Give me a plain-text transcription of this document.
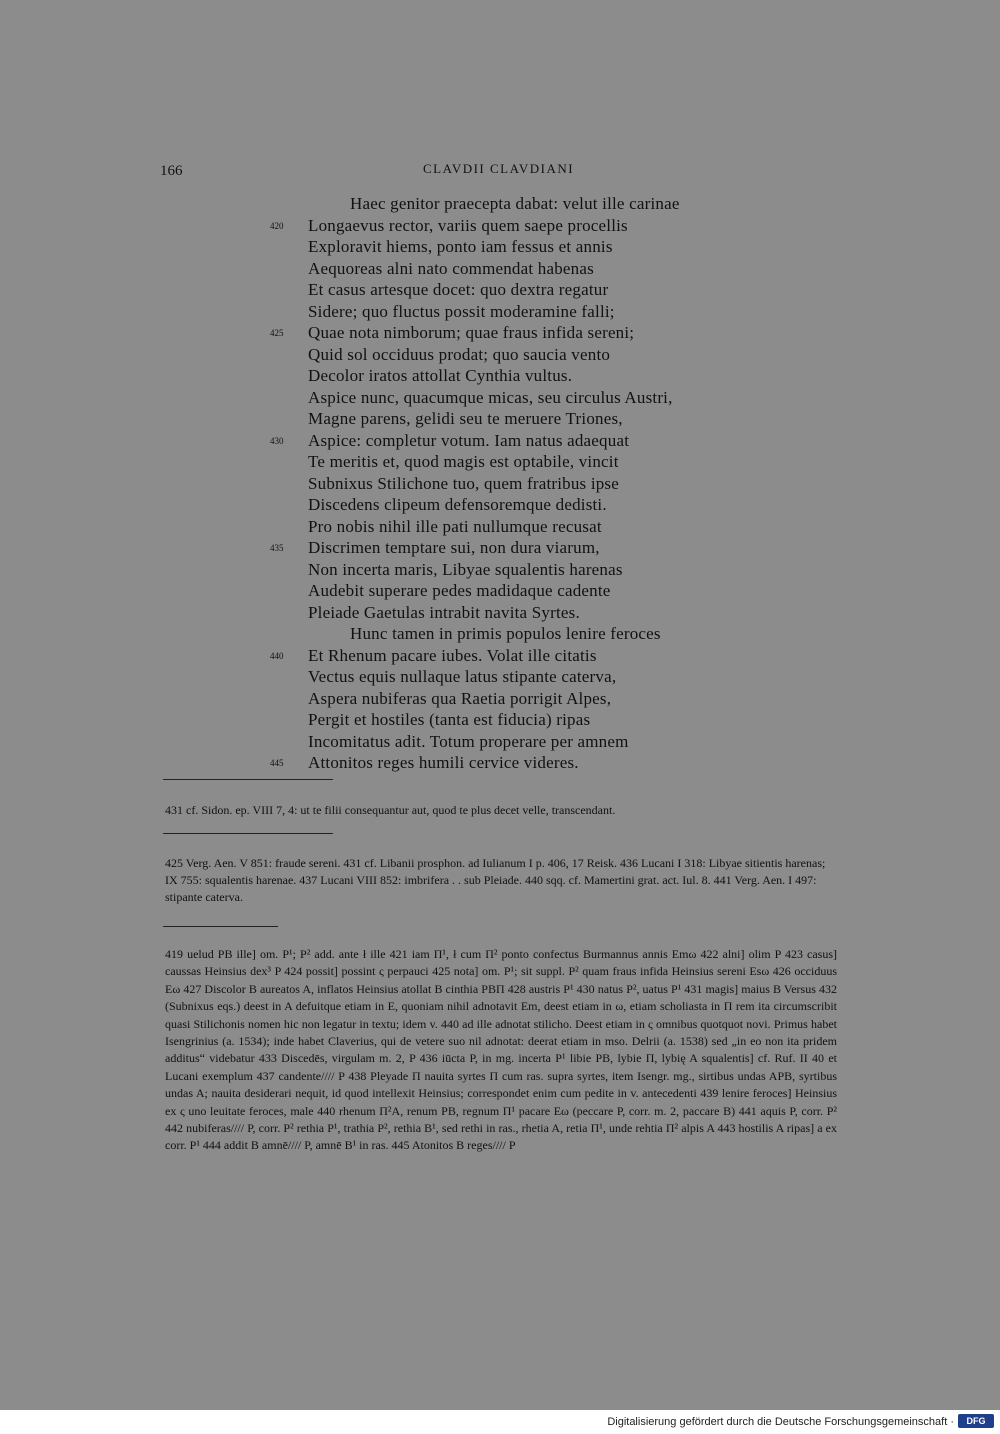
166	CLAVDII CLAVDIANI
Haec genitor praecepta dabat: velut ille carinae
420 Longaevus rector, variis quem saepe procellis
Exploravit hiems, ponto iam fessus et annis
Aequoreas alni nato commendat habenas
Et casus artesque docet: quo dextra regatur
Sidere; quo fluctus possit moderamine falli;
425 Quae nota nimborum; quae fraus infida sereni;
Quid sol occiduus prodat; quo saucia vento
Decolor iratos attollat Cynthia vultus.
Aspice nunc, quacumque micas, seu circulus Austri,
Magne parens, gelidi seu te meruere Triones,
430 Aspice: completur votum. Iam natus adaequat
Te meritis et, quod magis est optabile, vincit
Subnixus Stilichone tuo, quem fratribus ipse
Discedens clipeum defensoremque dedisti.
Pro nobis nihil ille pati nullumque recusat
435 Discrimen temptare sui, non dura viarum,
Non incerta maris, Libyae squalentis harenas
Audebit superare pedes madidaque cadente
Pleiade Gaetulas intrabit navita Syrtes.
Hunc tamen in primis populos lenire feroces
440 Et Rhenum pacare iubes. Volat ille citatis
Vectus equis nullaque latus stipante caterva,
Aspera nubiferas qua Raetia porrigit Alpes,
Pergit et hostiles (tanta est fiducia) ripas
Incomitatus adit. Totum properare per amnem
445 Attonitos reges humili cervice videres.

431 cf. Sidon. ep. VIII 7, 4: ut te filii consequantur aut, quod te plus decet velle, transcendant.

425 Verg. Aen. V 851: fraude sereni. 431 cf. Libanii prosphon. ad Iulianum I p. 406, 17 Reisk. 436 Lucani I 318: Libyae sitientis harenas; IX 755: squalentis harenae. 437 Lucani VIII 852: imbrifera . . sub Pleiade. 440 sqq. cf. Mamertini grat. act. Iul. 8. 441 Verg. Aen. I 497: stipante caterva.

419 uelud PB ille] om. P¹; P² add. ante ł ille 421 iam Π¹, ł cum Π² ponto confectus Burmannus annis Εmω 422 alni] olim P 423 casus] caussas Heinsius dex³ P 424 possit] possint ς perpauci 425 nota] om. P¹; sit suppl. P² quam fraus infida Heinsius sereni Εsω 426 occiduus Εω 427 Discolor B aureatos A, inflatos Heinsius atollat B cinthia PBΠ 428 austris P¹ 430 natus P², uatus P¹ 431 magis] maius B Versus 432 (Subnixus eqs.) deest in A defuitque etiam in E, quoniam nihil adnotavit Em, deest etiam in ω, etiam scholiasta in Π rem ita circumscribit quasi Stilichonis nomen hic non legatur in textu; idem v. 440 ad ille adnotat stilicho. Deest etiam in ς omnibus quotquot novi. Primus habet Isengrinius (a. 1534); inde habet Claverius, qui de vetere suo nil adnotat: deerat etiam in mso. Delrii (a. 1538) sed „in eo non ita pridem additus“ videbatur 433 Discedēs, virgulam m. 2, P 436 iūcta P, in mg. incerta P¹ libie PB, lybie Π, lybię A squalentis] cf. Ruf. II 40 et Lucani exemplum 437 candente//// P 438 Pleyade Π nauita syrtes Π cum ras. supra syrtes, item Isengr. mg., sirtibus undas APB, syrtibus undas A; nauita desiderari nequit, id quod intellexit Heinsius; correspondet enim cum pedite in v. antecedenti 439 lenire feroces] Heinsius ex ς uno leuitate feroces, male 440 rhenum Π²A, renum PB, regnum Π¹ pacare Εω (peccare P, corr. m. 2, paccare B) 441 aquis P, corr. P² 442 nubiferas//// P, corr. P² rethia P¹, trathia P², rethia B¹, sed rethi in ras., rhetia A, retia Π¹, unde rehtia Π² alpis A 443 hostilis A ripas] a ex corr. P¹ 444 addit B amnē//// P, amnē B¹ in ras. 445 Atonitos B reges//// P

Digitalisierung gefördert durch die Deutsche Forschungsgemeinschaft ·	DFG
